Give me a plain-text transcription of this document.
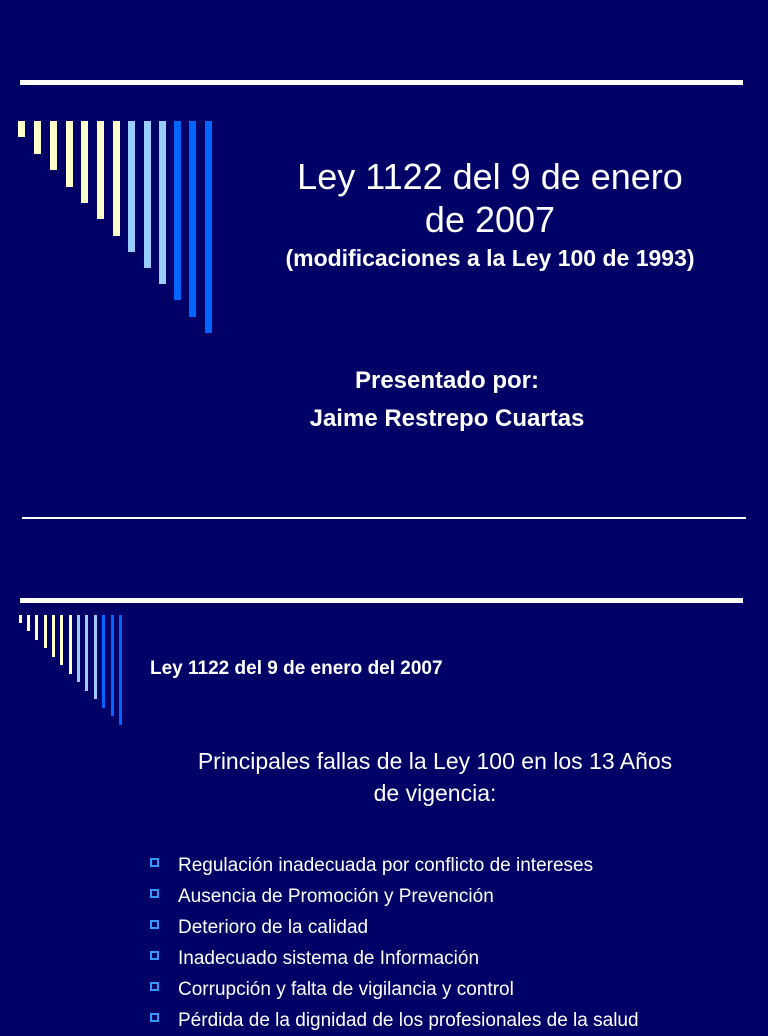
Ley 1122 del 9 de enero
de 2007
(modificaciones a la Ley 100 de 1993)
Presentado por:
Jaime Restrepo Cuartas
Ley 1122 del 9 de enero del 2007
Principales fallas de la Ley 100 en los 13 Años
de vigencia:
Regulación inadecuada por conflicto de intereses
Ausencia de Promoción y Prevención
Deterioro de la calidad
Inadecuado sistema de Información
Corrupción y falta de vigilancia y control
Pérdida de la dignidad de los profesionales de la salud
